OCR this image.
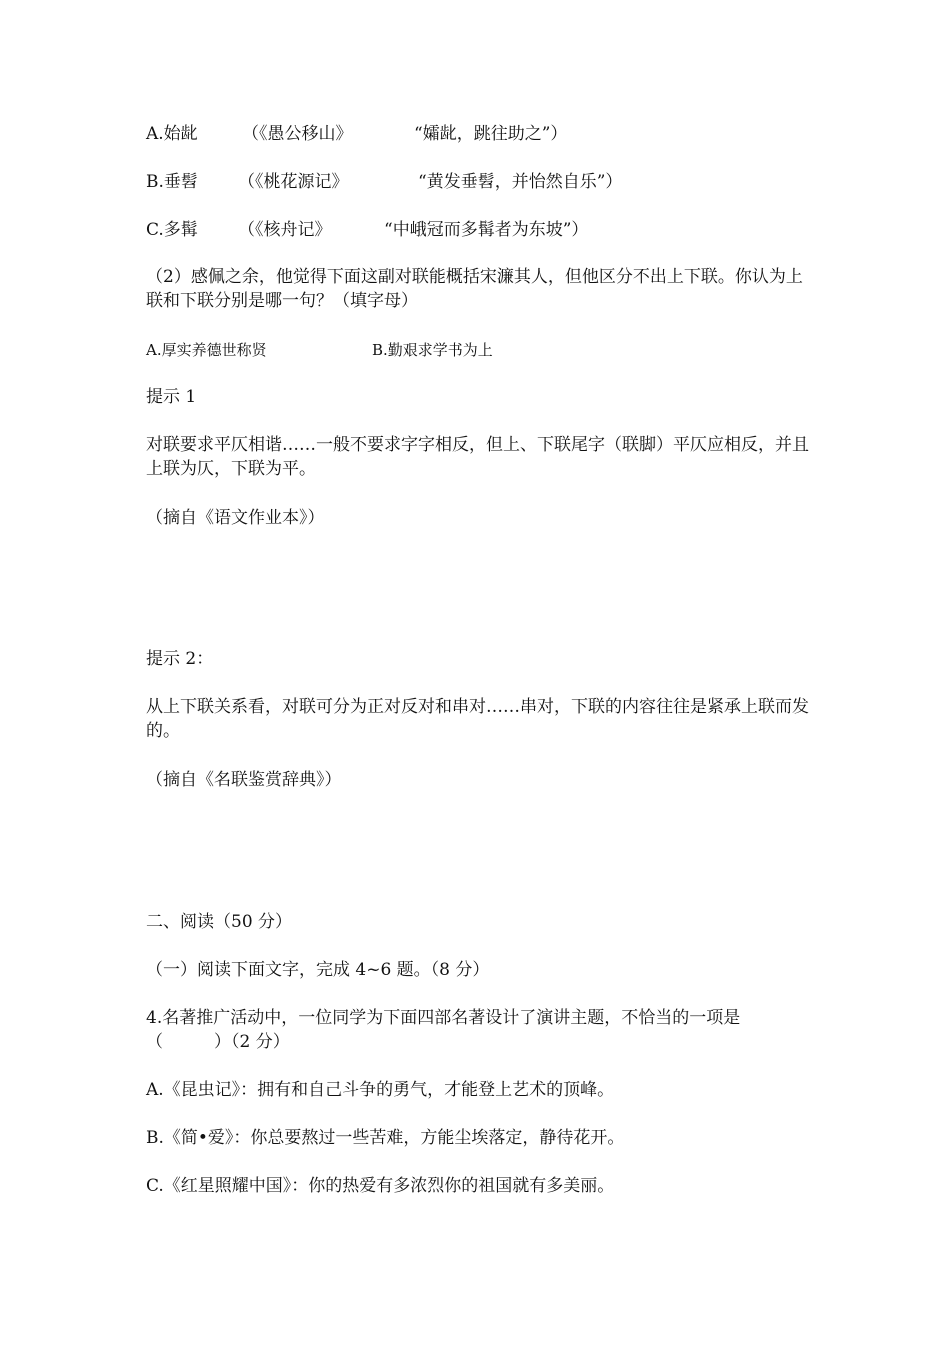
A.始龀	（《愚公移山》	“孀龀，跳往助之”）
B.垂髫 （《桃花源记》	“黄发垂髫，并怡然自乐”）
C.多髯 （《核舟记》	“中峨冠而多髯者为东坡”）
（2）感佩之余，他觉得下面这副对联能概括宋濂其人，但他区分不出上下联。你认为上联和下联分别是哪一句？（填字母）
A.厚实养德世称贤	B.勤艰求学书为上
提示 1
对联要求平仄相谐……一般不要求字字相反，但上、下联尾字（联脚）平仄应相反，并且上联为仄，下联为平。
（摘自《语文作业本》）
提示 2：
从上下联关系看，对联可分为正对反对和串对……串对，下联的内容往往是紧承上联而发的。
（摘自《名联鉴赏辞典》）
二、阅读（50 分）
（一）阅读下面文字，完成 4~6 题。（8 分）
4.名著推广活动中，一位同学为下面四部名著设计了演讲主题，不恰当的一项是（　　　）（2 分）
A.《昆虫记》：拥有和自己斗争的勇气，才能登上艺术的顶峰。
B.《简•爱》：你总要熬过一些苦难，方能尘埃落定，静待花开。
C.《红星照耀中国》：你的热爱有多浓烈你的祖国就有多美丽。
